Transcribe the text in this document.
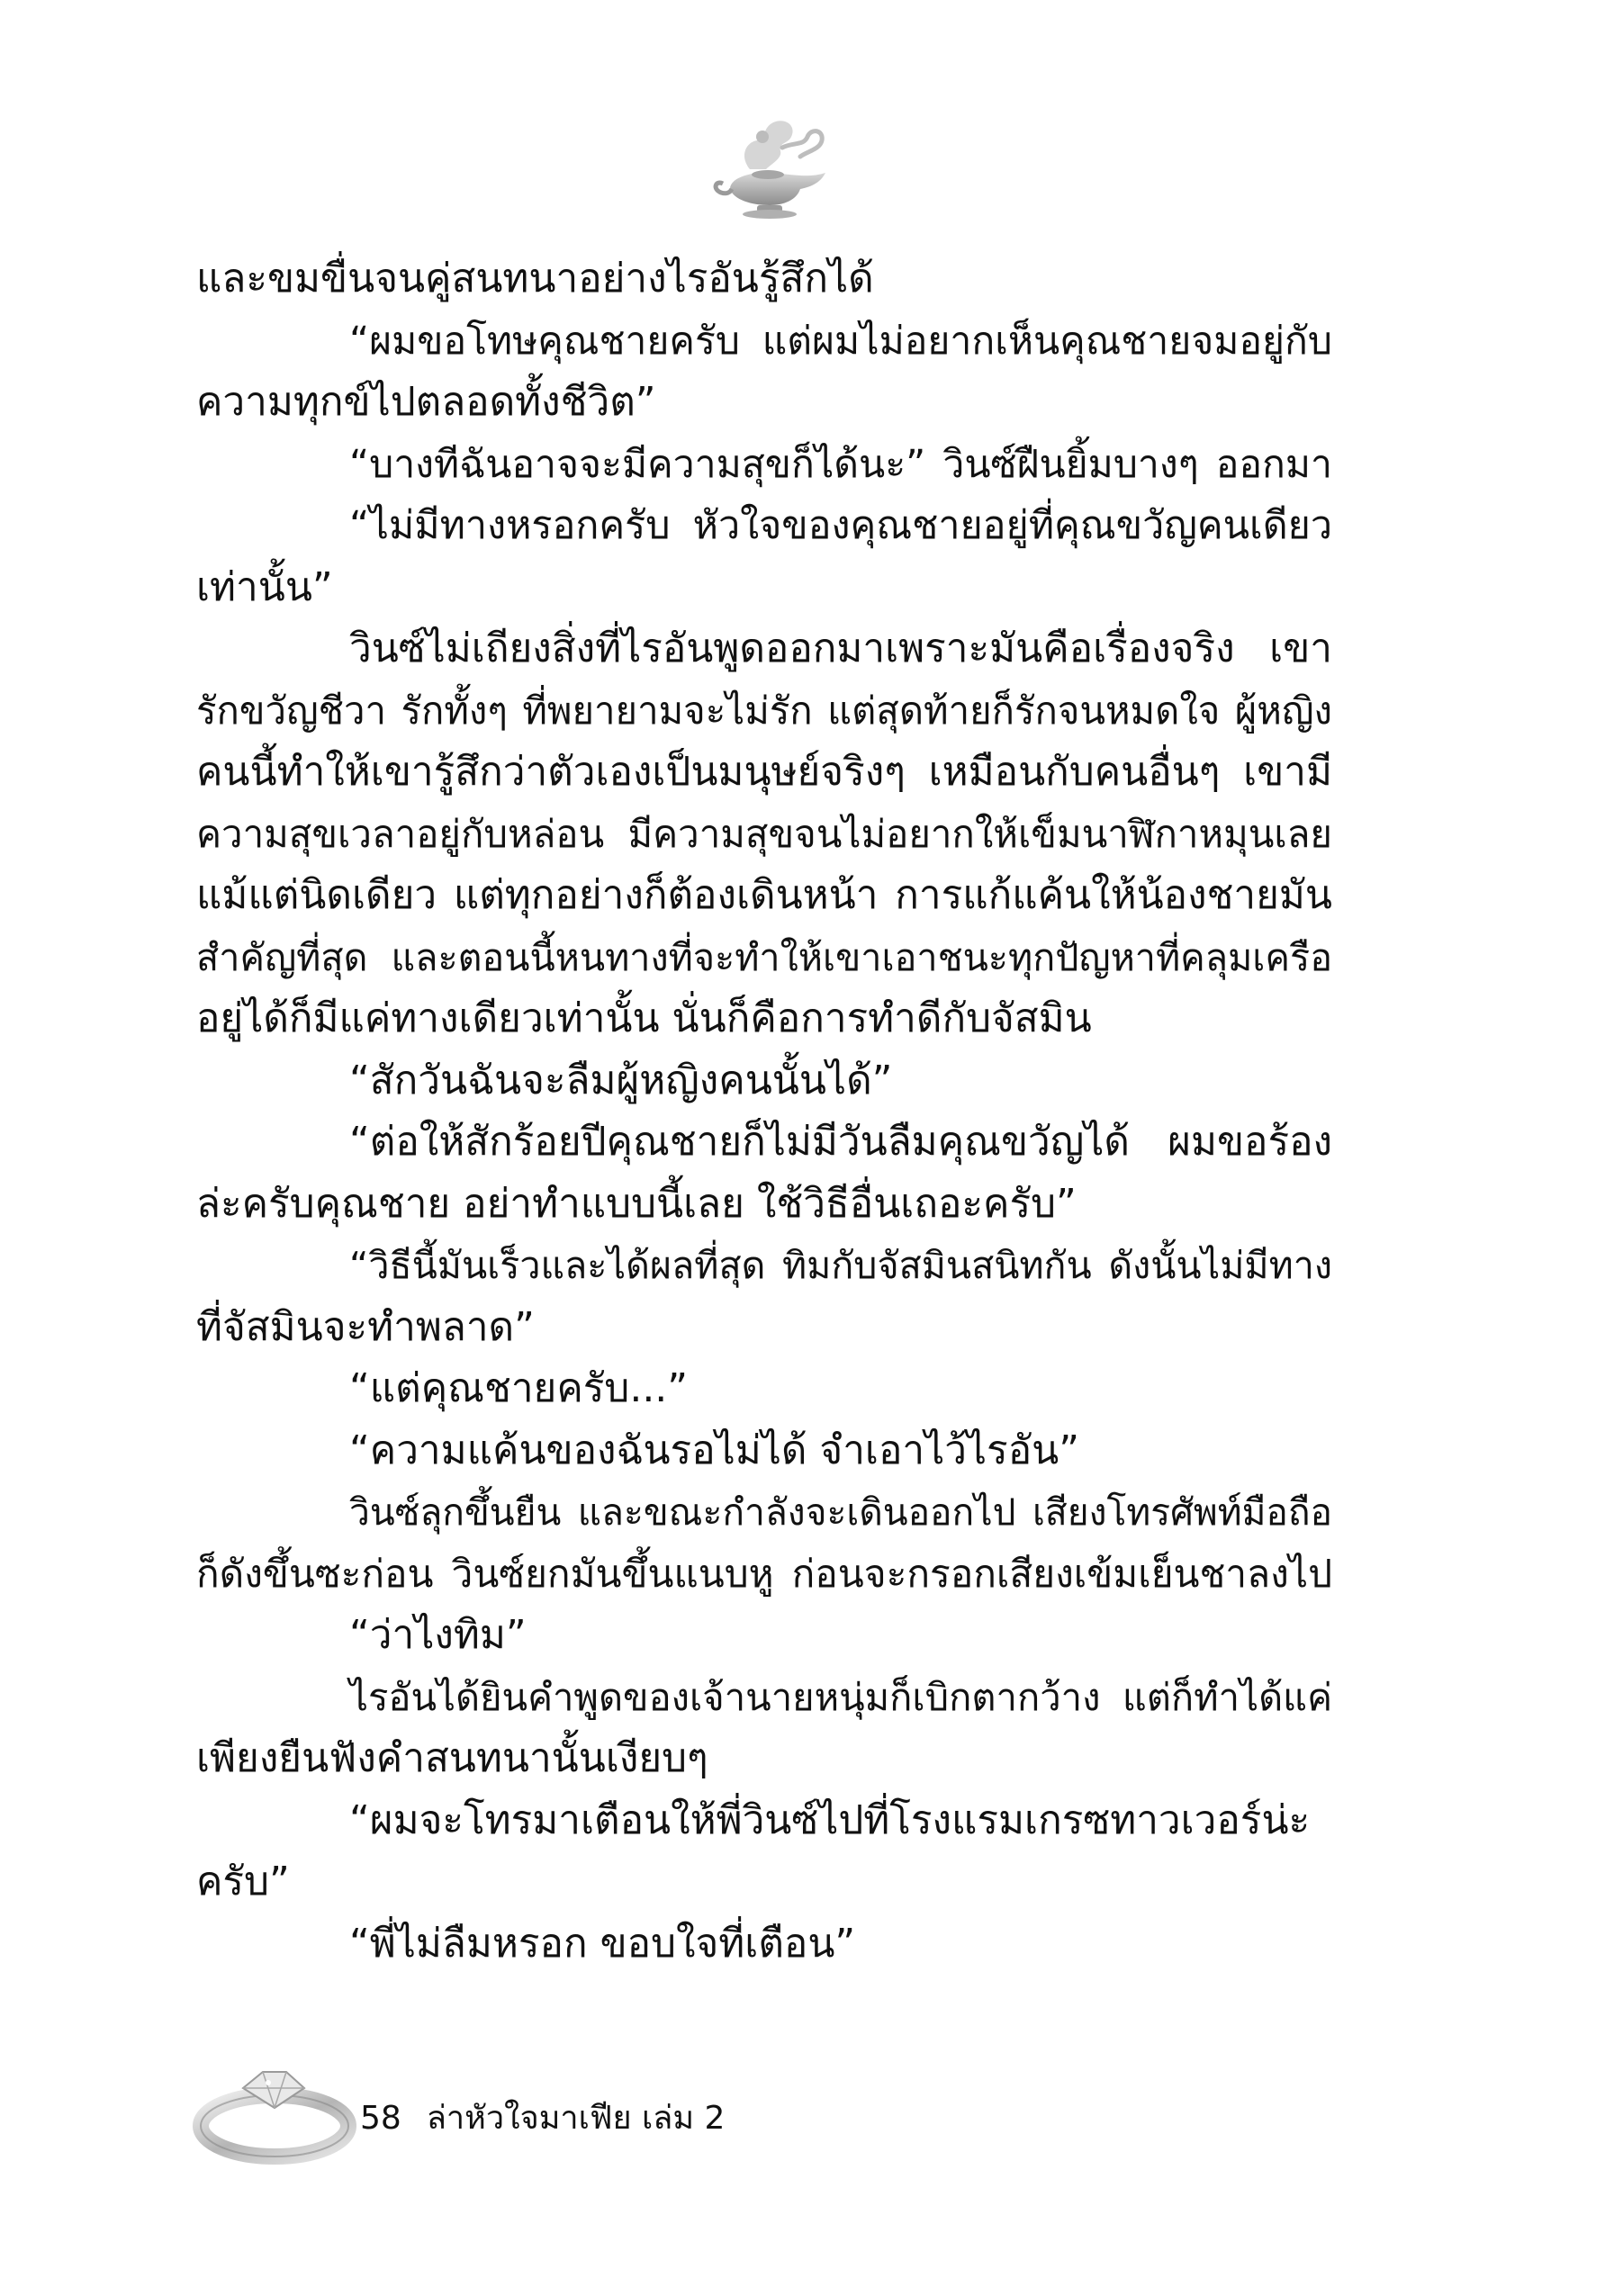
และขมขื่นจนคู่สนทนาอย่างไรอันรู้สึกได้
“ผมขอโทษคุณชายครับ แต่ผมไม่อยากเห็นคุณชายจมอยู่กับ
ความทุกข์ไปตลอดทั้งชีวิต”
“บางทีฉันอาจจะมีความสุขก็ได้นะ” วินซ์ฝืนยิ้มบางๆ ออกมา
“ไม่มีทางหรอกครับ หัวใจของคุณชายอยู่ที่คุณขวัญคนเดียว
เท่านั้น”
วินซ์ไม่เถียงสิ่งที่ไรอันพูดออกมาเพราะมันคือเรื่องจริง เขา
รักขวัญชีวา รักทั้งๆ ที่พยายามจะไม่รัก แต่สุดท้ายก็รักจนหมดใจ ผู้หญิง
คนนี้ทำให้เขารู้สึกว่าตัวเองเป็นมนุษย์จริงๆ เหมือนกับคนอื่นๆ เขามี
ความสุขเวลาอยู่กับหล่อน มีความสุขจนไม่อยากให้เข็มนาฬิกาหมุนเลย
แม้แต่นิดเดียว แต่ทุกอย่างก็ต้องเดินหน้า การแก้แค้นให้น้องชายมัน
สำคัญที่สุด และตอนนี้หนทางที่จะทำให้เขาเอาชนะทุกปัญหาที่คลุมเครือ
อยู่ได้ก็มีแค่ทางเดียวเท่านั้น นั่นก็คือการทำดีกับจัสมิน
“สักวันฉันจะลืมผู้หญิงคนนั้นได้”
“ต่อให้สักร้อยปีคุณชายก็ไม่มีวันลืมคุณขวัญได้ ผมขอร้อง
ล่ะครับคุณชาย อย่าทำแบบนี้เลย ใช้วิธีอื่นเถอะครับ”
“วิธีนี้มันเร็วและได้ผลที่สุด ทิมกับจัสมินสนิทกัน ดังนั้นไม่มีทาง
ที่จัสมินจะทำพลาด”
“แต่คุณชายครับ...”
“ความแค้นของฉันรอไม่ได้ จำเอาไว้ไรอัน”
วินซ์ลุกขึ้นยืน และขณะกำลังจะเดินออกไป เสียงโทรศัพท์มือถือ
ก็ดังขึ้นซะก่อน วินซ์ยกมันขึ้นแนบหู ก่อนจะกรอกเสียงเข้มเย็นชาลงไป
“ว่าไงทิม”
ไรอันได้ยินคำพูดของเจ้านายหนุ่มก็เบิกตากว้าง แต่ก็ทำได้แค่
เพียงยืนฟังคำสนทนานั้นเงียบๆ
“ผมจะโทรมาเตือนให้พี่วินซ์ไปที่โรงแรมเกรซทาวเวอร์น่ะ
ครับ”
“พี่ไม่ลืมหรอก ขอบใจที่เตือน”
58 ล่าหัวใจมาเฟีย เล่ม 2
